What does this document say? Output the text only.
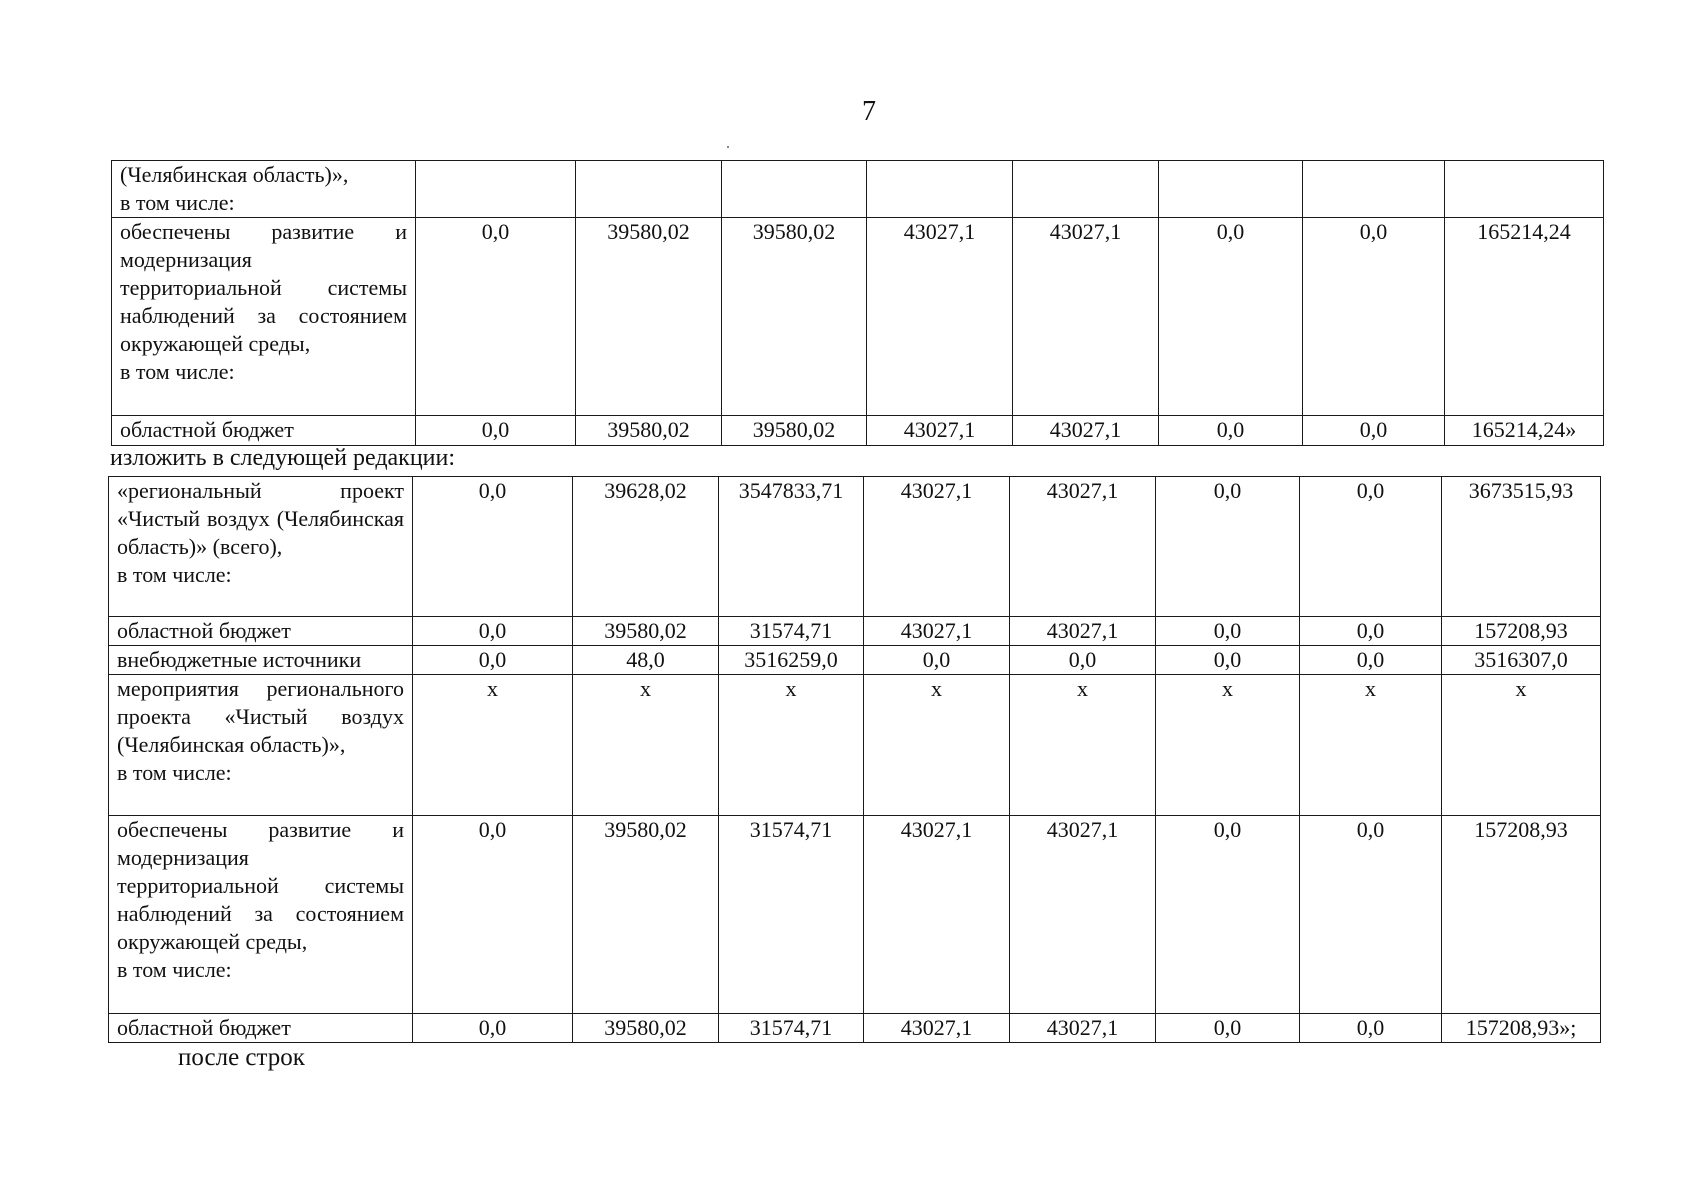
7
(Челябинская область)»,
в том числе:								
обеспечены развитие и модернизация территориальной системы наблюдений за состоянием окружающей среды,
в том числе:	0,0	39580,02	39580,02	43027,1	43027,1	0,0	0,0	165214,24
областной бюджет	0,0	39580,02	39580,02	43027,1	43027,1	0,0	0,0	165214,24»
изложить в следующей редакции:
«региональный проект «Чистый воздух (Челябинская область)» (всего),
в том числе:	0,0	39628,02	3547833,71	43027,1	43027,1	0,0	0,0	3673515,93
областной бюджет	0,0	39580,02	31574,71	43027,1	43027,1	0,0	0,0	157208,93
внебюджетные источники	0,0	48,0	3516259,0	0,0	0,0	0,0	0,0	3516307,0
мероприятия регионального проекта «Чистый воздух (Челябинская область)»,
в том числе:	x	x	x	x	x	x	x	x
обеспечены развитие и модернизация территориальной системы наблюдений за состоянием окружающей среды,
в том числе:	0,0	39580,02	31574,71	43027,1	43027,1	0,0	0,0	157208,93
областной бюджет	0,0	39580,02	31574,71	43027,1	43027,1	0,0	0,0	157208,93»;
после строк
